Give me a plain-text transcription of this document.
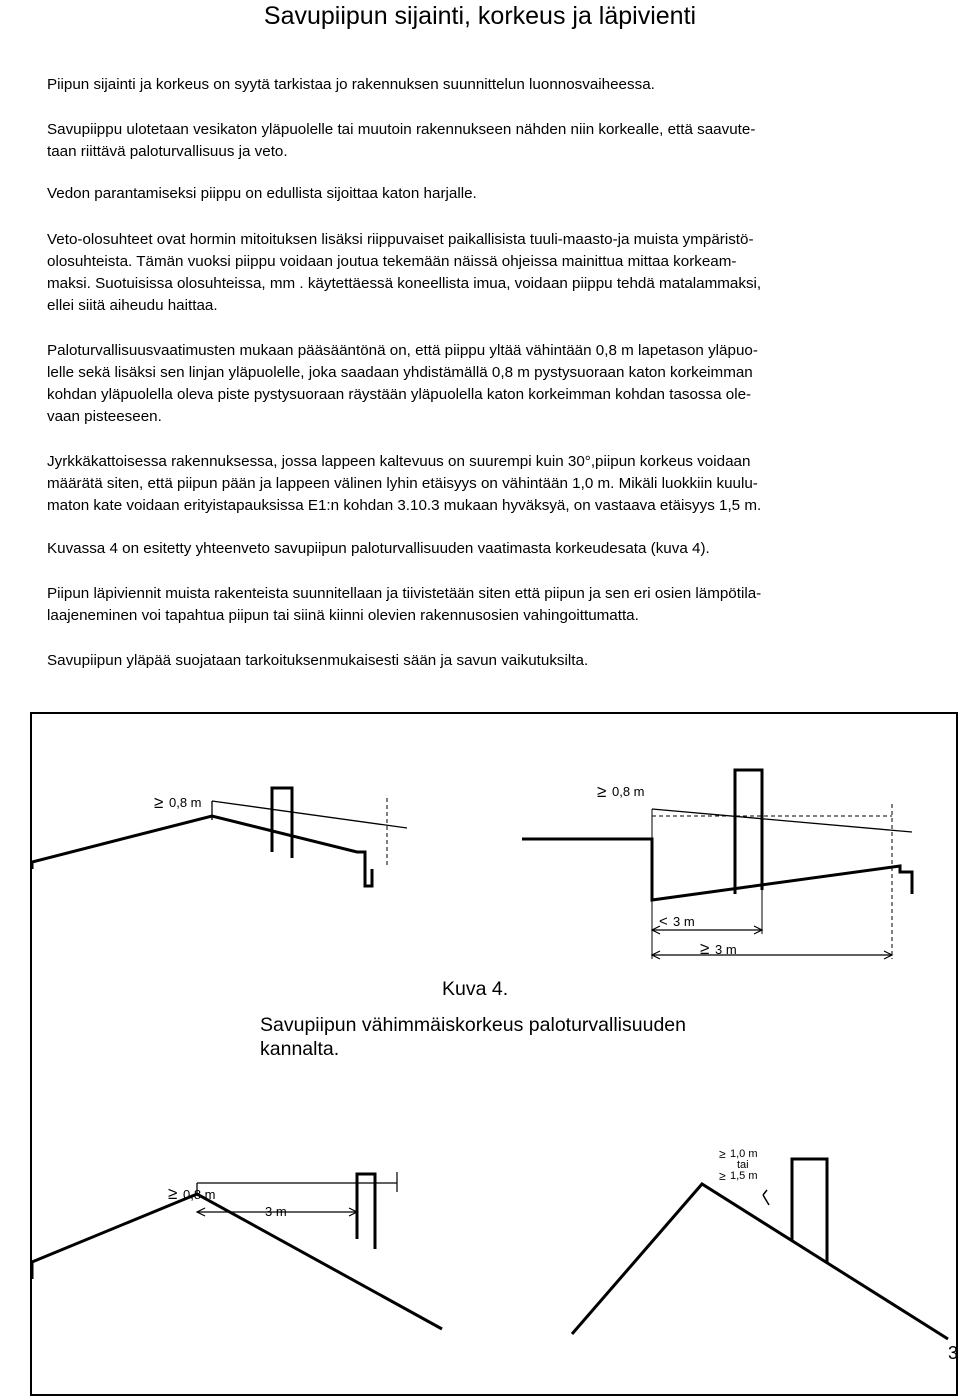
Savupiipun sijainti, korkeus ja läpivienti

Piipun sijainti ja korkeus on syytä tarkistaa jo rakennuksen suunnittelun luonnosvaiheessa.

Savupiippu ulotetaan vesikaton yläpuolelle tai muutoin rakennukseen nähden niin korkealle, että saavute-
taan riittävä paloturvallisuus ja veto.

Vedon parantamiseksi piippu on edullista sijoittaa katon harjalle.

Veto-olosuhteet ovat hormin mitoituksen lisäksi riippuvaiset paikallisista tuuli-maasto-ja muista ympäristö-
olosuhteista. Tämän vuoksi piippu voidaan joutua tekemään näissä ohjeissa mainittua mittaa korkeam-
maksi. Suotuisissa olosuhteissa, mm . käytettäessä koneellista imua, voidaan piippu tehdä matalammaksi,
ellei siitä aiheudu haittaa.

Paloturvallisuusvaatimusten mukaan pääsääntönä on, että piippu yltää vähintään 0,8 m lapetason yläpuo-
lelle sekä lisäksi sen linjan yläpuolelle, joka saadaan yhdistämällä 0,8 m pystysuoraan katon korkeimman
kohdan yläpuolella oleva piste pystysuoraan räystään yläpuolella katon korkeimman kohdan tasossa ole-
vaan pisteeseen.

Jyrkkäkattoisessa rakennuksessa, jossa lappeen kaltevuus on suurempi kuin 30°,piipun korkeus voidaan
määrätä siten, että piipun pään ja lappeen välinen lyhin etäisyys on vähintään 1,0 m. Mikäli luokkiin kuulu-
maton kate voidaan erityistapauksissa E1:n kohdan 3.10.3 mukaan hyväksyä, on vastaava etäisyys 1,5 m.

Kuvassa 4 on esitetty yhteenveto savupiipun paloturvallisuuden vaatimasta korkeudesata (kuva 4).

Piipun läpiviennit muista rakenteista suunnitellaan ja tiivistetään siten että piipun ja sen eri osien lämpötila-
laajeneminen voi tapahtua piipun tai siinä kiinni olevien rakennusosien vahingoittumatta.

Savupiipun yläpää suojataan tarkoituksenmukaisesti sään ja savun vaikutuksilta.

≥ 0,8 m
≥ 0,8 m
< 3 m
≥ 3 m
≥ 0,8 m
3 m
≥ 1,0 m
tai
≥ 1,5 m
Kuva 4.
Savupiipun vähimmäiskorkeus paloturvallisuuden
kannalta.
3
